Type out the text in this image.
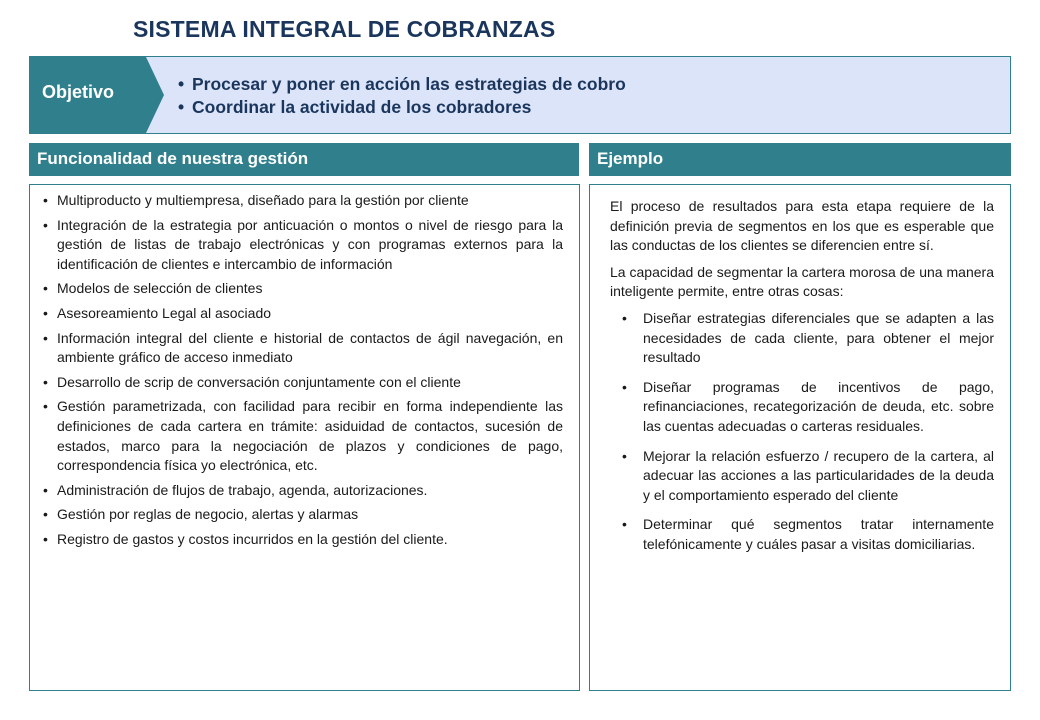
SISTEMA INTEGRAL DE COBRANZAS
Objetivo
•	Procesar y poner en acción las estrategias de cobro
• Coordinar la actividad de los cobradores
Funcionalidad de nuestra gestión	Ejemplo
• Multiproducto y multiempresa, diseñado para la gestión por cliente
• Integración de la estrategia por anticuación o montos o nivel de riesgo para la gestión de listas de trabajo electrónicas y con programas externos para la identificación de clientes e intercambio de información
• Modelos de selección de clientes
• Asesoreamiento Legal al asociado
• Información integral del cliente e historial de contactos de ágil navegación, en ambiente gráfico de acceso inmediato
• Desarrollo de scrip de conversación conjuntamente con el cliente
• Gestión parametrizada, con facilidad para recibir en forma independiente las definiciones de cada cartera en trámite: asiduidad de contactos, sucesión de estados, marco para la negociación de plazos y condiciones de pago, correspondencia física yo electrónica, etc.
• Administración de flujos de trabajo, agenda, autorizaciones.
• Gestión por reglas de negocio, alertas y alarmas
• Registro de gastos y costos incurridos en la gestión del cliente.

El proceso de resultados para esta etapa requiere de la definición previa de segmentos en los que es esperable que las conductas de los clientes se diferencien entre sí.

La capacidad de segmentar la cartera morosa de una manera inteligente permite, entre otras cosas:

• Diseñar estrategias diferenciales que se adapten a las necesidades de cada cliente, para obtener el mejor resultado
• Diseñar programas de incentivos de pago, refinanciaciones, recategorización de deuda, etc. sobre las cuentas adecuadas o carteras residuales.
• Mejorar la relación esfuerzo / recupero de la cartera, al adecuar las acciones a las particularidades de la deuda y el comportamiento esperado del cliente
• Determinar qué segmentos tratar internamente telefónicamente y cuáles pasar a visitas domiciliarias.
